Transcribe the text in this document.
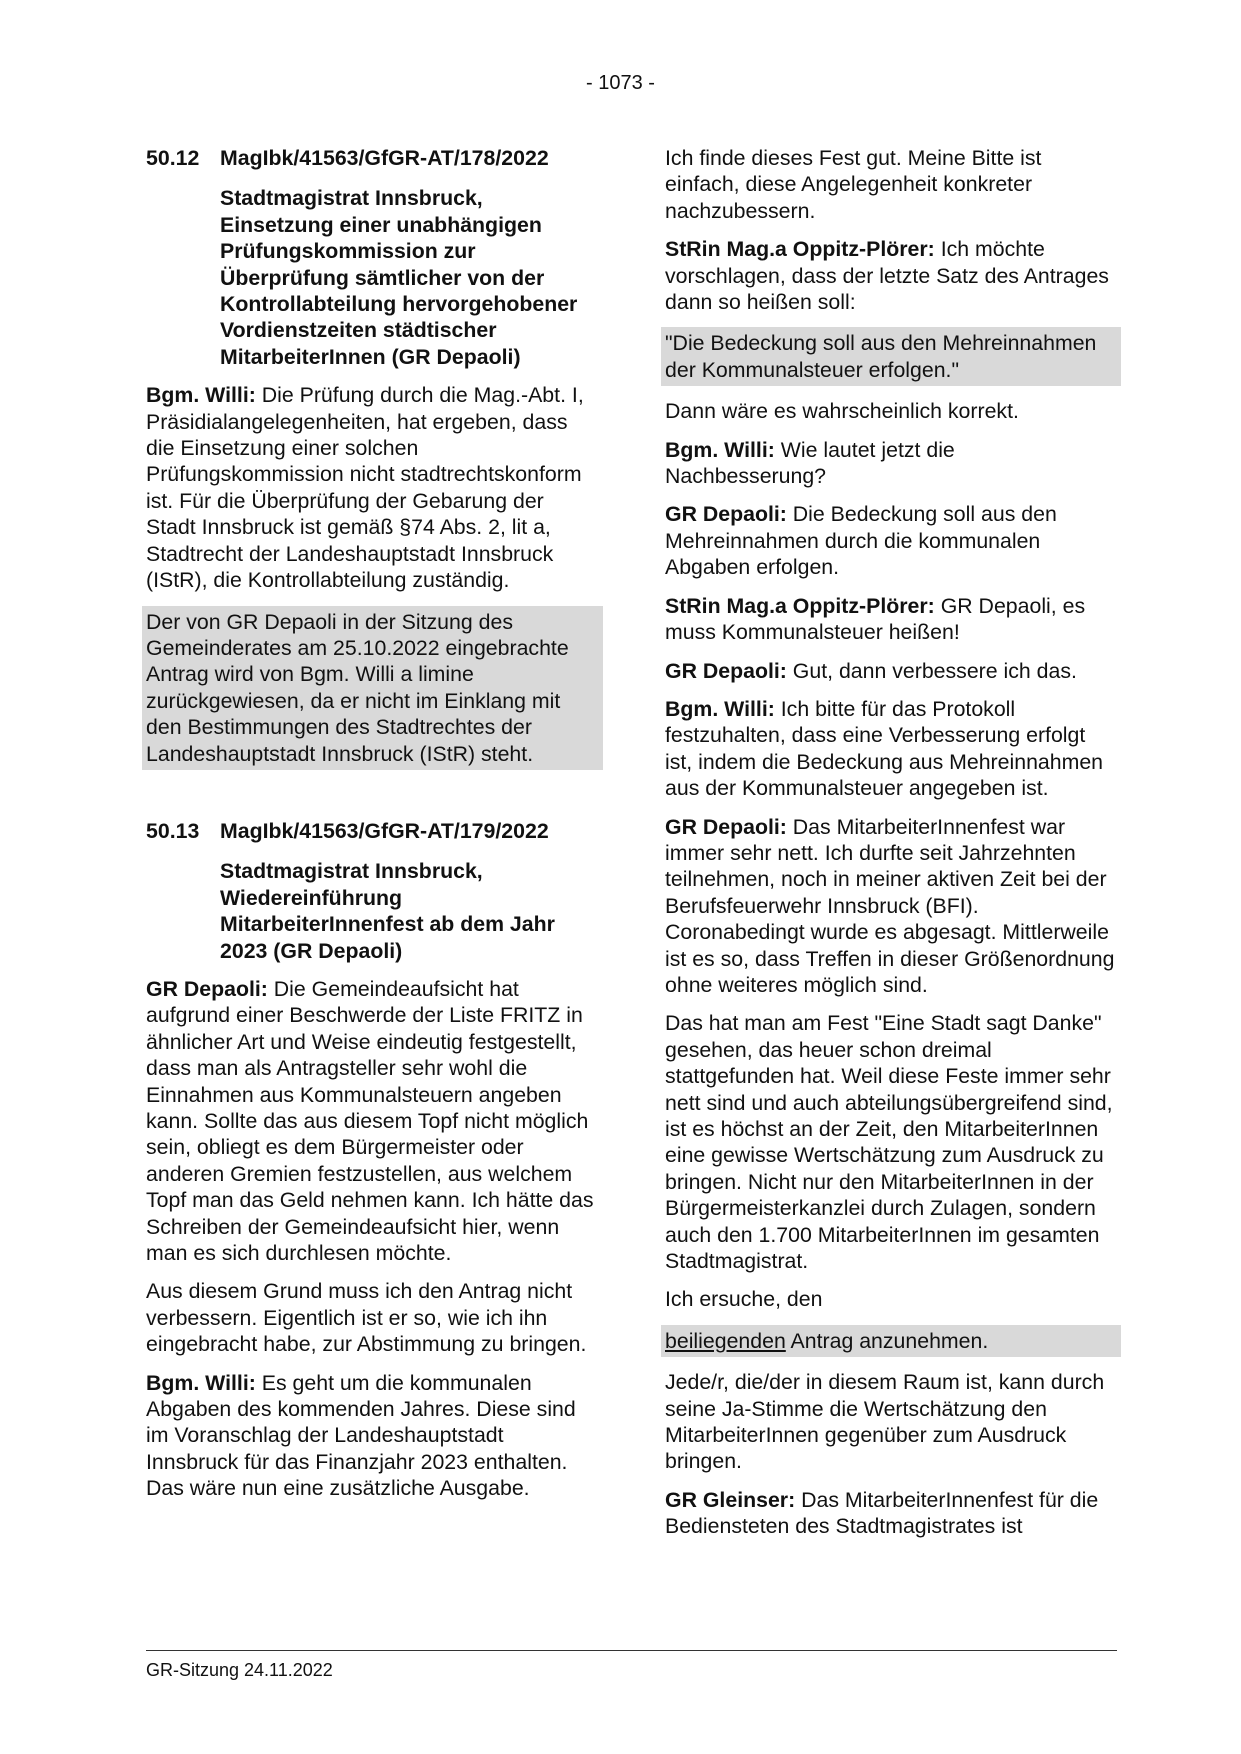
- 1073 -
50.12 MagIbk/41563/GfGR-AT/178/2022
Stadtmagistrat Innsbruck, Einsetzung einer unabhängigen Prüfungskommission zur Überprüfung sämtlicher von der Kontrollabteilung hervorgehobener Vordienstzeiten städtischer MitarbeiterInnen (GR Depaoli)

Bgm. Willi: Die Prüfung durch die Mag.-Abt. I, Präsidialangelegenheiten, hat ergeben, dass die Einsetzung einer solchen Prüfungskommission nicht stadtrechtskonform ist. Für die Überprüfung der Gebarung der Stadt Innsbruck ist gemäß §74 Abs. 2, lit a, Stadtrecht der Landeshauptstadt Innsbruck (IStR), die Kontrollabteilung zuständig.

Der von GR Depaoli in der Sitzung des Gemeinderates am 25.10.2022 eingebrachte Antrag wird von Bgm. Willi a limine zurückgewiesen, da er nicht im Einklang mit den Bestimmungen des Stadtrechtes der Landeshauptstadt Innsbruck (IStR) steht.

50.13 MagIbk/41563/GfGR-AT/179/2022
Stadtmagistrat Innsbruck, Wiedereinführung MitarbeiterInnenfest ab dem Jahr 2023 (GR Depaoli)

GR Depaoli: Die Gemeindeaufsicht hat aufgrund einer Beschwerde der Liste FRITZ in ähnlicher Art und Weise eindeutig festgestellt, dass man als Antragsteller sehr wohl die Einnahmen aus Kommunalsteuern angeben kann. Sollte das aus diesem Topf nicht möglich sein, obliegt es dem Bürgermeister oder anderen Gremien festzustellen, aus welchem Topf man das Geld nehmen kann. Ich hätte das Schreiben der Gemeindeaufsicht hier, wenn man es sich durchlesen möchte.

Aus diesem Grund muss ich den Antrag nicht verbessern. Eigentlich ist er so, wie ich ihn eingebracht habe, zur Abstimmung zu bringen.

Bgm. Willi: Es geht um die kommunalen Abgaben des kommenden Jahres. Diese sind im Voranschlag der Landeshauptstadt Innsbruck für das Finanzjahr 2023 enthalten. Das wäre nun eine zusätzliche Ausgabe.

Ich finde dieses Fest gut. Meine Bitte ist einfach, diese Angelegenheit konkreter nachzubessern.

StRin Mag.a Oppitz-Plörer: Ich möchte vorschlagen, dass der letzte Satz des Antrages dann so heißen soll:

"Die Bedeckung soll aus den Mehreinnahmen der Kommunalsteuer erfolgen."

Dann wäre es wahrscheinlich korrekt.

Bgm. Willi: Wie lautet jetzt die Nachbesserung?

GR Depaoli: Die Bedeckung soll aus den Mehreinnahmen durch die kommunalen Abgaben erfolgen.

StRin Mag.a Oppitz-Plörer: GR Depaoli, es muss Kommunalsteuer heißen!

GR Depaoli: Gut, dann verbessere ich das.

Bgm. Willi: Ich bitte für das Protokoll festzuhalten, dass eine Verbesserung erfolgt ist, indem die Bedeckung aus Mehreinnahmen aus der Kommunalsteuer angegeben ist.

GR Depaoli: Das MitarbeiterInnenfest war immer sehr nett. Ich durfte seit Jahrzehnten teilnehmen, noch in meiner aktiven Zeit bei der Berufsfeuerwehr Innsbruck (BFI). Coronabedingt wurde es abgesagt. Mittlerweile ist es so, dass Treffen in dieser Größenordnung ohne weiteres möglich sind.

Das hat man am Fest "Eine Stadt sagt Danke" gesehen, das heuer schon dreimal stattgefunden hat. Weil diese Feste immer sehr nett sind und auch abteilungsübergreifend sind, ist es höchst an der Zeit, den MitarbeiterInnen eine gewisse Wertschätzung zum Ausdruck zu bringen. Nicht nur den MitarbeiterInnen in der Bürgermeisterkanzlei durch Zulagen, sondern auch den 1.700 MitarbeiterInnen im gesamten Stadtmagistrat.

Ich ersuche, den

beiliegenden Antrag anzunehmen.

Jede/r, die/der in diesem Raum ist, kann durch seine Ja-Stimme die Wertschätzung den MitarbeiterInnen gegenüber zum Ausdruck bringen.

GR Gleinser: Das MitarbeiterInnenfest für die Bediensteten des Stadtmagistrates ist

GR-Sitzung 24.11.2022
